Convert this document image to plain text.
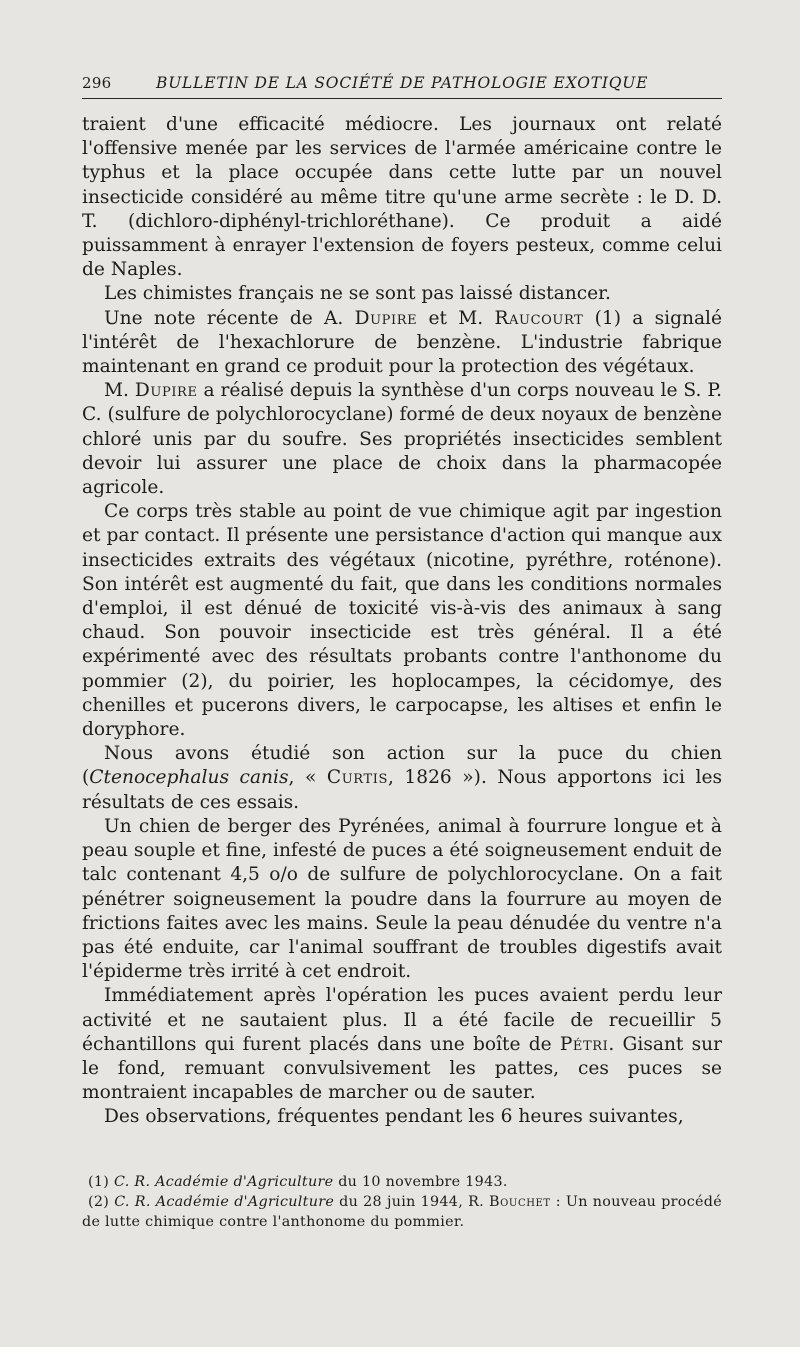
296	BULLETIN DE LA SOCIÉTÉ DE PATHOLOGIE EXOTIQUE

traient d'une efficacité médiocre. Les journaux ont relaté l'offensive menée par les services de l'armée américaine contre le typhus et la place occupée dans cette lutte par un nouvel insecticide considéré au même titre qu'une arme secrète : le D. D. T. (dichloro-diphényl-trichloréthane). Ce produit a aidé puissamment à enrayer l'extension de foyers pesteux, comme celui de Naples.

Les chimistes français ne se sont pas laissé distancer.

Une note récente de A. Dupire et M. Raucourt (1) a signalé l'intérêt de l'hexachlorure de benzène. L'industrie fabrique maintenant en grand ce produit pour la protection des végétaux.

M. Dupire a réalisé depuis la synthèse d'un corps nouveau le S. P. C. (sulfure de polychlorocyclane) formé de deux noyaux de benzène chloré unis par du soufre. Ses propriétés insecticides semblent devoir lui assurer une place de choix dans la pharmacopée agricole.

Ce corps très stable au point de vue chimique agit par ingestion et par contact. Il présente une persistance d'action qui manque aux insecticides extraits des végétaux (nicotine, pyréthre, roténone). Son intérêt est augmenté du fait, que dans les conditions normales d'emploi, il est dénué de toxicité vis-à-vis des animaux à sang chaud. Son pouvoir insecticide est très général. Il a été expérimenté avec des résultats probants contre l'anthonome du pommier (2), du poirier, les hoplocampes, la cécidomye, des chenilles et pucerons divers, le carpocapse, les altises et enfin le doryphore.

Nous avons étudié son action sur la puce du chien (Ctenocephalus canis, « Curtis, 1826 »). Nous apportons ici les résultats de ces essais.

Un chien de berger des Pyrénées, animal à fourrure longue et à peau souple et fine, infesté de puces a été soigneusement enduit de talc contenant 4,5 o/o de sulfure de polychlorocyclane. On a fait pénétrer soigneusement la poudre dans la fourrure au moyen de frictions faites avec les mains. Seule la peau dénudée du ventre n'a pas été enduite, car l'animal souffrant de troubles digestifs avait l'épiderme très irrité à cet endroit.

Immédiatement après l'opération les puces avaient perdu leur activité et ne sautaient plus. Il a été facile de recueillir 5 échantillons qui furent placés dans une boîte de Pétri. Gisant sur le fond, remuant convulsivement les pattes, ces puces se montraient incapables de marcher ou de sauter.

Des observations, fréquentes pendant les 6 heures suivantes,

(1) C. R. Académie d'Agriculture du 10 novembre 1943.

(2) C. R. Académie d'Agriculture du 28 juin 1944, R. Bouchet : Un nouveau procédé de lutte chimique contre l'anthonome du pommier.
